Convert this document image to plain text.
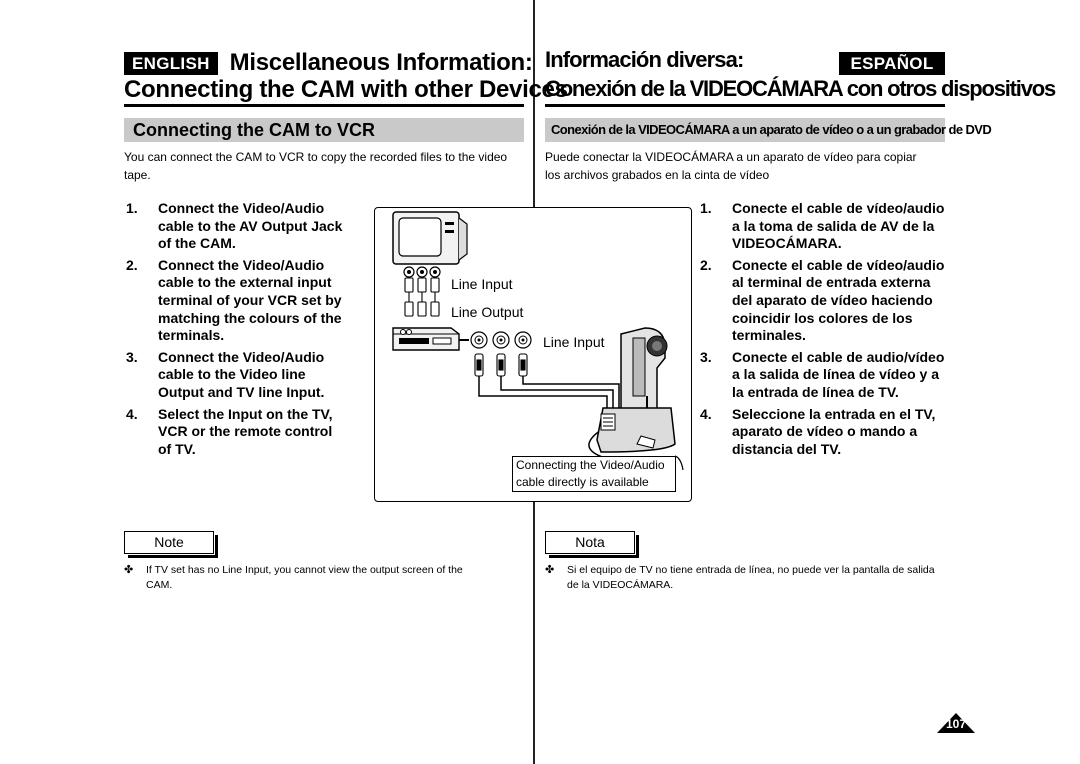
ENGLISH Miscellaneous Information:
Connecting the CAM with other Devices
Información diversa:	ESPAÑOL
Conexión de la VIDEOCÁMARA con otros dispositivos
Connecting the CAM to VCR	Conexión de la VIDEOCÁMARA a un aparato de vídeo o a un grabador de DVD
You can connect the CAM to VCR to copy the recorded files to the video tape.
Puede conectar la VIDEOCÁMARA a un aparato de vídeo para copiar los archivos grabados en la cinta de vídeo
1.	Connect the Video/Audio cable to the AV Output Jack of the CAM.
2.	Connect the Video/Audio cable to the external input terminal of your VCR set by matching the colours of the terminals.
3.	Connect the Video/Audio cable to the Video line Output and TV line Input.
4.	Select the Input on the TV, VCR or the remote control of TV.
1.	Conecte el cable de vídeo/audio a la toma de salida de AV de la VIDEOCÁMARA.
2.	Conecte el cable de vídeo/audio al terminal de entrada externa del aparato de vídeo haciendo coincidir los colores de los terminales.
3.	Conecte el cable de audio/vídeo a la salida de línea de vídeo y a la entrada de línea de TV.
4.	Seleccione la entrada en el TV, aparato de vídeo o mando a distancia del TV.
Line Input
Line Output
Line Input
Connecting the Video/Audio cable directly is available
Note
✤	If TV set has no Line Input, you cannot view the output screen of the CAM.
Nota
✤	Si el equipo de TV no tiene entrada de línea, no puede ver la pantalla de salida de la VIDEOCÁMARA.
107
